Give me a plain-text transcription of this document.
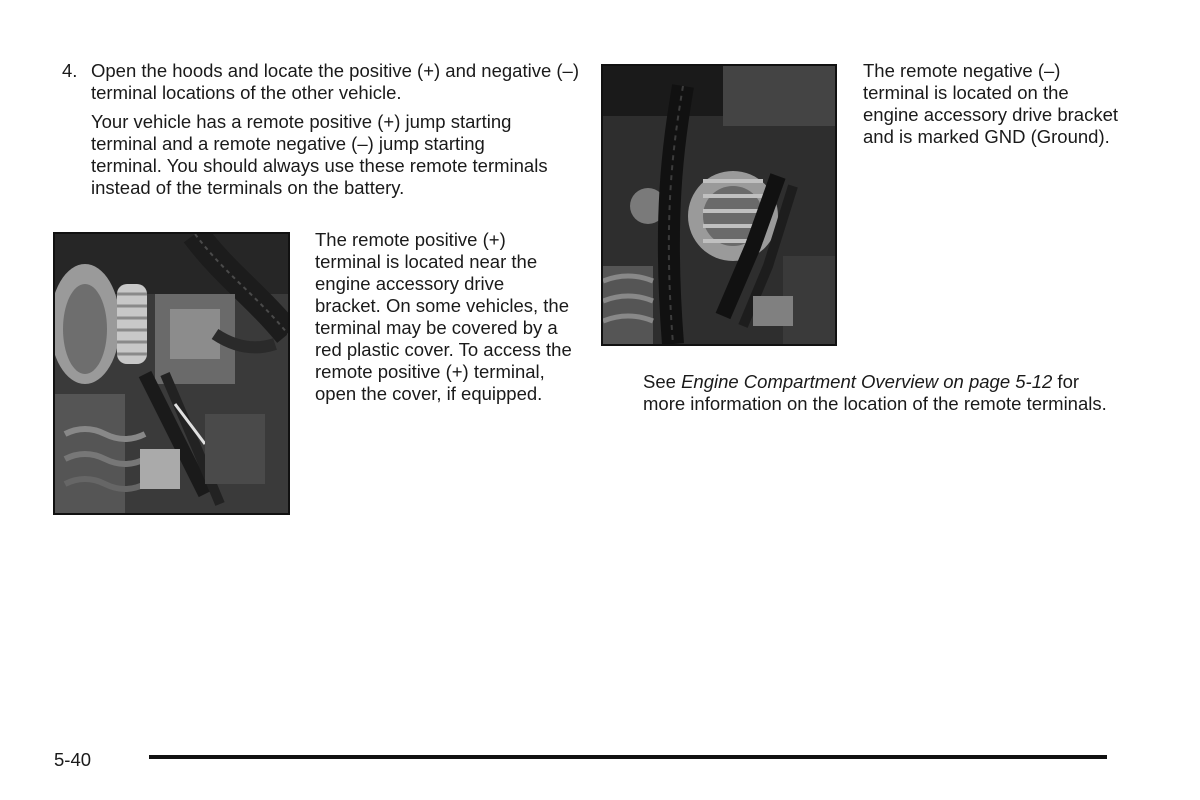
4. Open the hoods and locate the positive (+) and negative (–) terminal locations of the other vehicle.

Your vehicle has a remote positive (+) jump starting terminal and a remote negative (–) jump starting terminal. You should always use these remote terminals instead of the terminals on the battery.

The remote positive (+) terminal is located near the engine accessory drive bracket. On some vehicles, the terminal may be covered by a red plastic cover. To access the remote positive (+) terminal, open the cover, if equipped.

The remote negative (–) terminal is located on the engine accessory drive bracket and is marked GND (Ground).

See Engine Compartment Overview on page 5-12 for more information on the location of the remote terminals.

5-40
